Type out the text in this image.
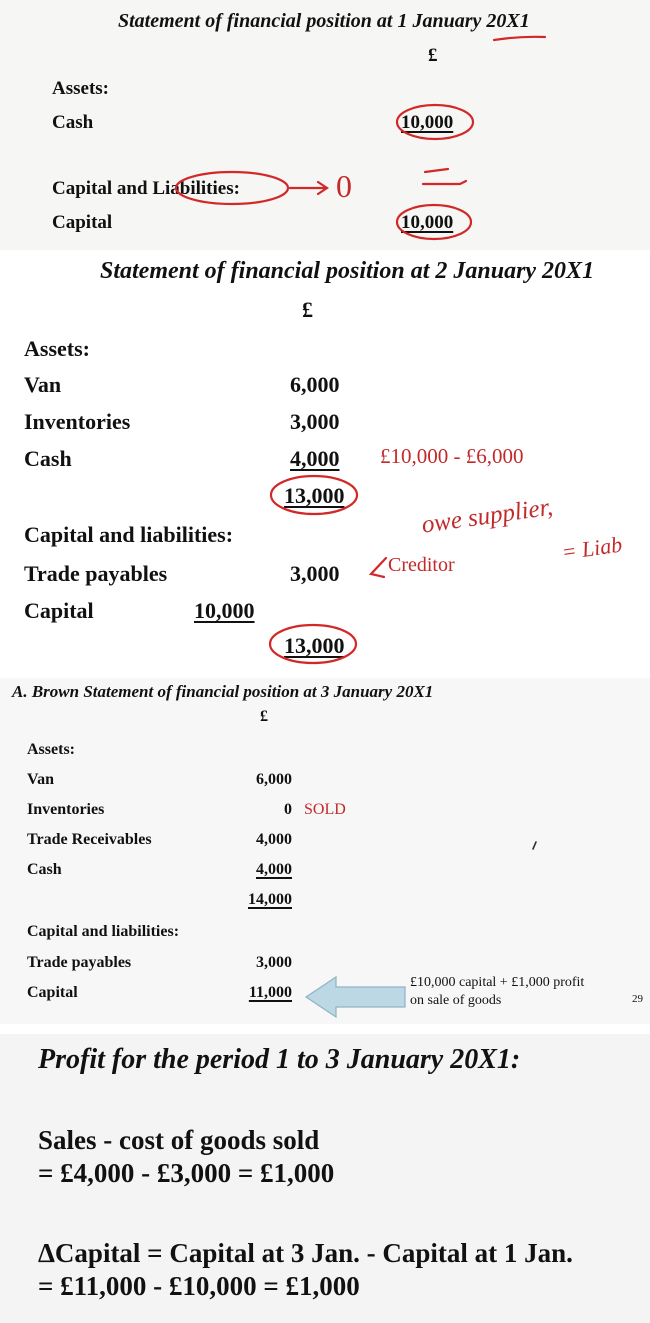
Statement of financial position at 1 January 20X1
£
Assets:
Cash	10,000
Capital and Liabilities:	0
Capital	10,000
Statement of financial position at 2 January 20X1
£
Assets:
Van	6,000
Inventories	3,000
Cash	4,000 £10,000 - £6,000
13,000
Capital and liabilities:
Trade payables	3,000 Creditor
Capital	10,000
13,000
owe supplier,
= Liab
A. Brown Statement of financial position at 3 January 20X1
£
Assets:
Van	6,000
Inventories	0 SOLD
Trade Receivables	4,000
Cash	4,000
14,000
Capital and liabilities:
Trade payables	3,000
Capital	11,000
£10,000 capital + £1,000 profit
on sale of goods	29
Profit for the period 1 to 3 January 20X1:
Sales - cost of goods sold
= £4,000 - £3,000 = £1,000
ΔCapital = Capital at 3 Jan. - Capital at 1 Jan.
= £11,000 - £10,000 = £1,000
